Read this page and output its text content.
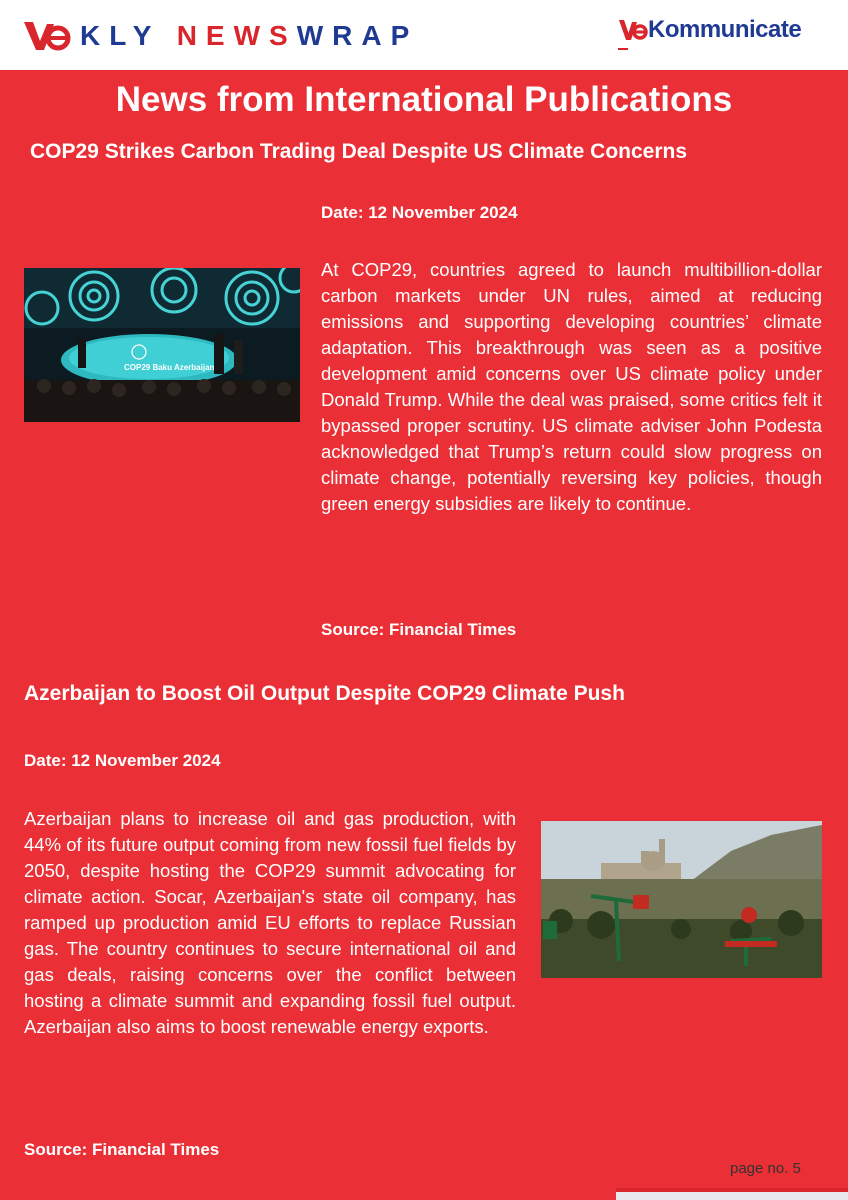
KLY NEWSWRAP	Kommunicate
News from International Publications
COP29 Strikes Carbon Trading Deal Despite US Climate Concerns
Date: 12 November 2024
COP29 Baku Azerbaijan
At COP29, countries agreed to launch multibillion-dollar carbon markets under UN rules, aimed at reducing emissions and supporting developing countries’ climate adaptation. This breakthrough was seen as a positive development amid concerns over US climate policy under Donald Trump. While the deal was praised, some critics felt it bypassed proper scrutiny. US climate adviser John Podesta acknowledged that Trump’s return could slow progress on climate change, potentially reversing key policies, though green energy subsidies are likely to continue.
Source: Financial Times
Azerbaijan to Boost Oil Output Despite COP29 Climate Push
Date: 12 November 2024
Azerbaijan plans to increase oil and gas production, with 44% of its future output coming from new fossil fuel fields by 2050, despite hosting the COP29 summit advocating for climate action. Socar, Azerbaijan's state oil company, has ramped up production amid EU efforts to replace Russian gas. The country continues to secure international oil and gas deals, raising concerns over the conflict between hosting a climate summit and expanding fossil fuel output. Azerbaijan also aims to boost renewable energy exports.
Source: Financial Times
page no. 5
